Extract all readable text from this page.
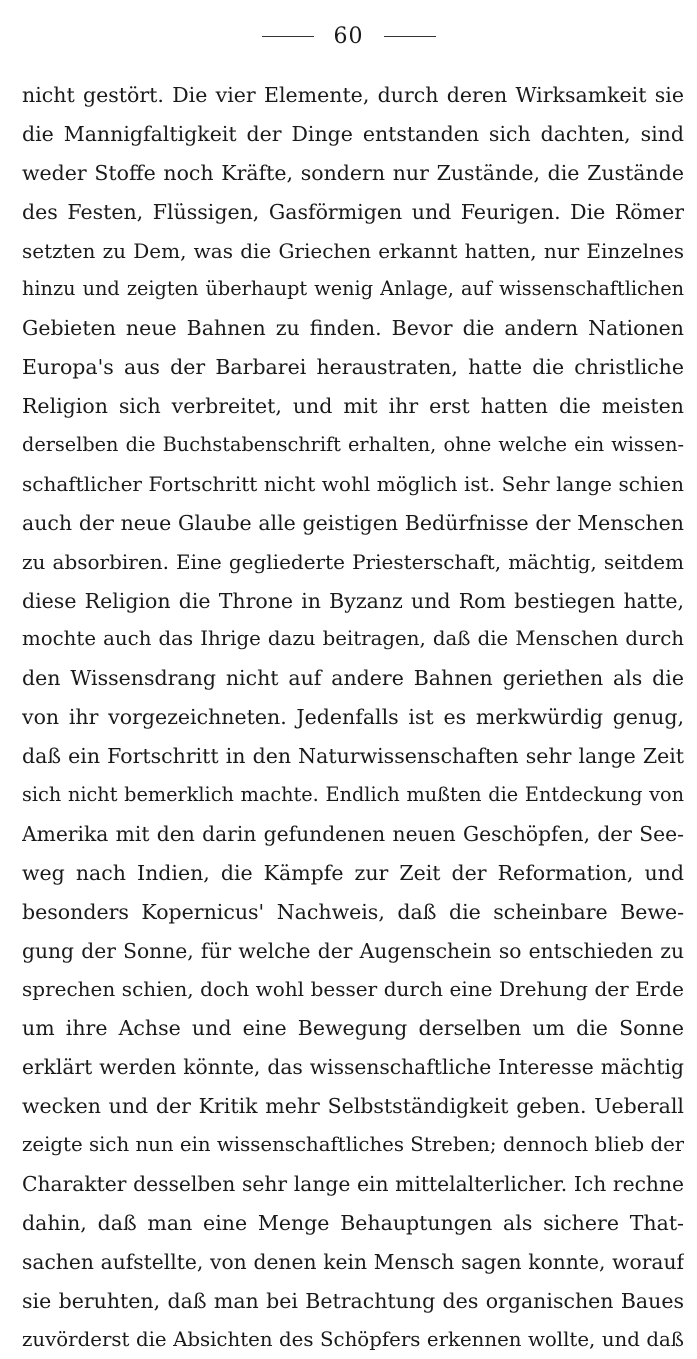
60
nicht gestört. Die vier Elemente, durch deren Wirksamkeit sie
die Mannigfaltigkeit der Dinge entstanden sich dachten, sind
weder Stoffe noch Kräfte, sondern nur Zustände, die Zustände
des Festen, Flüssigen, Gasförmigen und Feurigen. Die Römer
setzten zu Dem, was die Griechen erkannt hatten, nur Einzelnes
hinzu und zeigten überhaupt wenig Anlage, auf wissenschaftlichen
Gebieten neue Bahnen zu finden. Bevor die andern Nationen
Europa's aus der Barbarei heraustraten, hatte die christliche
Religion sich verbreitet, und mit ihr erst hatten die meisten
derselben die Buchstabenschrift erhalten, ohne welche ein wissen-
schaftlicher Fortschritt nicht wohl möglich ist. Sehr lange schien
auch der neue Glaube alle geistigen Bedürfnisse der Menschen
zu absorbiren. Eine gegliederte Priesterschaft, mächtig, seitdem
diese Religion die Throne in Byzanz und Rom bestiegen hatte,
mochte auch das Ihrige dazu beitragen, daß die Menschen durch
den Wissensdrang nicht auf andere Bahnen geriethen als die
von ihr vorgezeichneten. Jedenfalls ist es merkwürdig genug,
daß ein Fortschritt in den Naturwissenschaften sehr lange Zeit
sich nicht bemerklich machte. Endlich mußten die Entdeckung von
Amerika mit den darin gefundenen neuen Geschöpfen, der See-
weg nach Indien, die Kämpfe zur Zeit der Reformation, und
besonders Kopernicus' Nachweis, daß die scheinbare Bewe-
gung der Sonne, für welche der Augenschein so entschieden zu
sprechen schien, doch wohl besser durch eine Drehung der Erde
um ihre Achse und eine Bewegung derselben um die Sonne
erklärt werden könnte, das wissenschaftliche Interesse mächtig
wecken und der Kritik mehr Selbstständigkeit geben. Ueberall
zeigte sich nun ein wissenschaftliches Streben; dennoch blieb der
Charakter desselben sehr lange ein mittelalterlicher. Ich rechne
dahin, daß man eine Menge Behauptungen als sichere That-
sachen aufstellte, von denen kein Mensch sagen konnte, worauf
sie beruhten, daß man bei Betrachtung des organischen Baues
zuvörderst die Absichten des Schöpfers erkennen wollte, und daß
